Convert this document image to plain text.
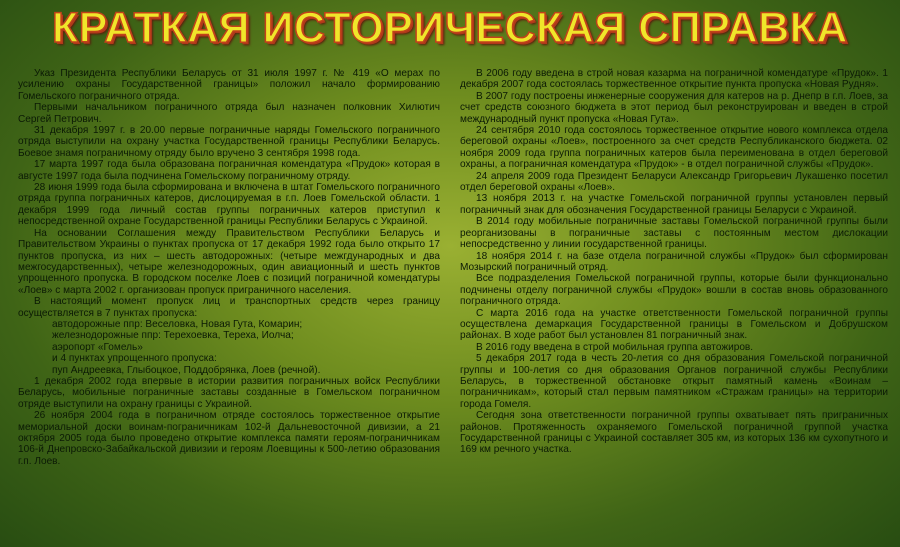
КРАТКАЯ ИСТОРИЧЕСКАЯ СПРАВКА

Указ Президента Республики Беларусь от 31 июля 1997 г. № 419 «О мерах по усилению охраны Государственной границы» положил начало формированию Гомельского пограничного отряда.

Первыми начальником пограничного отряда был назначен полковник Хилютич Сергей Петрович.

31 декабря 1997 г. в 20.00 первые пограничные наряды Гомельского пограничного отряда выступили на охрану участка Государственной границы Республики Беларусь. Боевое знамя пограничному отряду было вручено 3 сентября 1998 года.

17 марта 1997 года была образована пограничная комендатура «Прудок» которая в августе 1997 года была подчинена Гомельскому пограничному отряду.

28 июня 1999 года была сформирована и включена в штат Гомельского пограничного отряда группа пограничных катеров, дислоцируемая в г.п. Лоев Гомельской области. 1 декабря 1999 года личный состав группы пограничных катеров приступил к непосредственной охране Государственной границы Республики Беларусь с Украиной.

На основании Соглашения между Правительством Республики Беларусь и Правительством Украины о пунктах пропуска от 17 декабря 1992 года было открыто 17 пунктов пропуска, из них – шесть автодорожных: (четыре межгдународных и два межгосударственных), четыре железнодорожных, один авиационный и шесть пунктов упрощенного пропуска. В городском поселке Лоев с позиций пограничной комендатуры «Лоев» с марта 2002 г. организован пропуск приграничного населения.

В настоящий момент пропуск лиц и транспортных средств через границу осуществляется в 7 пунктах пропуска:

автодорожные ппр: Веселовка, Новая Гута, Комарин;

железнодорожные ппр: Терехоевка, Тереха, Иолча;

аэропорт «Гомель»

и 4 пунктах упрощенного пропуска:

пуп Андреевка, Глыбоцкое, Поддобрянка, Лоев (речной).

1 декабря 2002 года впервые в истории развития пограничных войск Республики Беларусь, мобильные пограничные заставы созданные в Гомельском пограничном отряде выступили на охрану границы с Украиной.

26 ноября 2004 года в пограничном отряде состоялось торжественное открытие мемориальной доски воинам-пограничникам 102-й Дальневосточной дивизии, а 21 октября 2005 года было проведено открытие комплекса памяти героям-пограничникам 106-й Днепровско-Забайкальской дивизии и героям Лоевщины к 500-летию образования г.п. Лоев.

В 2006 году введена в строй новая казарма на пограничной комендатуре «Прудок». 1 декабря 2007 года состоялась торжественное открытие пункта пропуска «Новая Рудня».

В 2007 году построены инженерные сооружения для катеров на р. Днепр в г.п. Лоев, за счет средств союзного бюджета в этот период был реконструирован и введен в строй международный пункт пропуска «Новая Гута».

24 сентября 2010 года состоялось торжественное открытие нового комплекса отдела береговой охраны «Лоев», построенного за счет средств Республиканского бюджета. 02 ноября 2009 года группа пограничных катеров была переименована в отдел береговой охраны, а пограничная комендатура «Прудок» - в отдел пограничной службы «Прудок».

24 апреля 2009 года Президент Беларуси Александр Григорьевич Лукашенко посетил отдел береговой охраны «Лоев».

13 ноября 2013 г. на участке Гомельской пограничной группы установлен первый пограничный знак для обозначения Государственной границы Беларуси с Украиной.

В 2014 году мобильные пограничные заставы Гомельской пограничной группы были реорганизованы в пограничные заставы с постоянным местом дислокации непосредственно у линии государственной границы.

18 ноября 2014 г. на базе отдела пограничной службы «Прудок» был сформирован Мозырский пограничный отряд.

Все подразделения Гомельской пограничной группы, которые были функционально подчинены отделу пограничной службы «Прудок» вошли в состав вновь образованного пограничного отряда.

С марта 2016 года на участке ответственности Гомельской пограничной группы осуществлена демаркация Государственной границы в Гомельском и Добрушском районах. В ходе работ был установлен 81 пограничный знак.

В 2016 году введена в строй мобильная группа автожиров.

5 декабря 2017 года в честь 20-летия со дня образования Гомельской пограничной группы и 100-летия со дня образования Органов пограничной службы Республики Беларусь, в торжественной обстановке открыт памятный камень «Воинам – пограничникам», который стал первым памятником «Стражам границы» на территории города Гомеля.

Сегодня зона ответственности пограничной группы охватывает пять приграничных районов. Протяженность охраняемого Гомельской пограничной группой участка Государственной границы с Украиной составляет 305 км, из которых 136 км сухопутного и 169 км речного участка.
